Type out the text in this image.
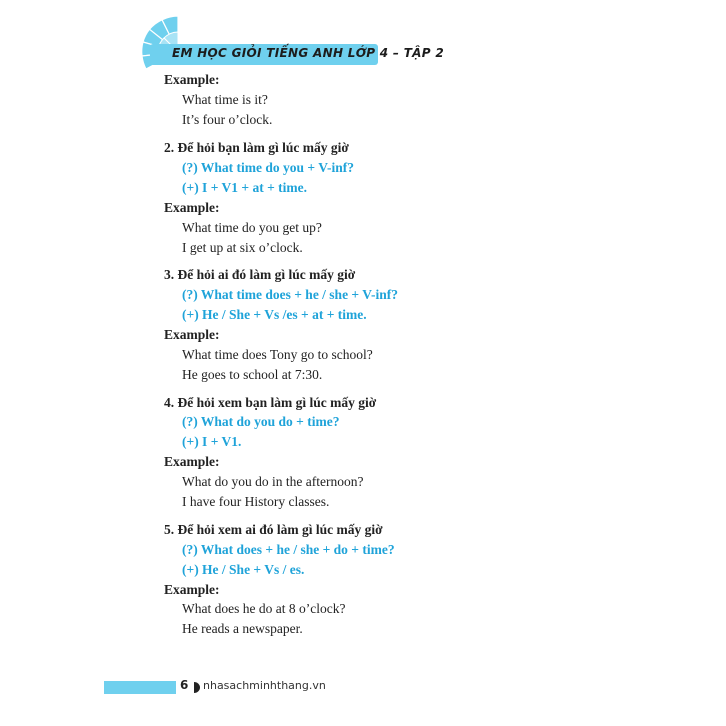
EM HỌC GIỎI TIẾNG ANH LỚP 4 – TẬP 2
Example:
What time is it?
It’s four o’clock.
2. Để hỏi bạn làm gì lúc mấy giờ
(?) What time do you + V-inf?
(+) I + V1 + at + time.
Example:
What time do you get up?
I get up at six o’clock.
3. Để hỏi ai đó làm gì lúc mấy giờ
(?) What time does + he / she + V-inf?
(+) He / She + Vs /es + at + time.
Example:
What time does Tony go to school?
He goes to school at 7:30.
4. Để hỏi xem bạn làm gì lúc mấy giờ
(?) What do you do + time?
(+) I + V1.
Example:
What do you do in the afternoon?
I have four History classes.
5. Để hỏi xem ai đó làm gì lúc mấy giờ
(?) What does + he / she + do + time?
(+) He / She + Vs / es.
Example:
What does he do at 8 o’clock?
He reads a newspaper.
6 nhasachminhthang.vn
